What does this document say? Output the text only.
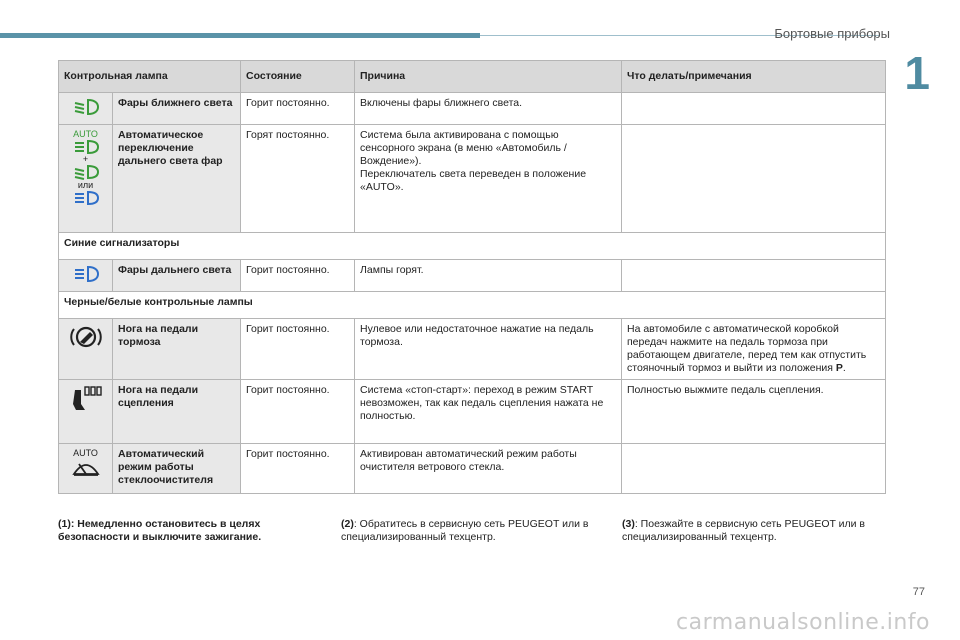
Бортовые приборы
1
Контрольная лампа		Состояние	Причина	Что делать/примечания

	Фары ближнего света	Горит постоянно.	Включены фары ближнего света.	

AUTO
+
или	Автоматическое переключение дальнего света фар	Горят постоянно.	Система была активирована с помощью сенсорного экрана (в меню «Автомобиль / Вождение»).
Переключатель света переведен в положение «AUTO».	
Синие сигнализаторы				

	Фары дальнего света	Горит постоянно.	Лампы горят.	
Черные/белые контрольные лампы				

	Нога на педали тормоза	Горит постоянно.	Нулевое или недостаточное нажатие на педаль тормоза.	На автомобиле с автоматической коробкой передач нажмите на педаль тормоза при работающем двигателе, перед тем как отпустить стояночный тормоз и выйти из положения P.

	Нога на педали сцепления	Горит постоянно.	Система «стоп-старт»: переход в режим START невозможен, так как педаль сцепления нажата не полностью.	Полностью выжмите педаль сцепления.

AUTO	Автоматический режим работы стеклоочистителя	Горит постоянно.	Активирован автоматический режим работы очистителя ветрового стекла.	
(1): Немедленно остановитесь в целях безопасности и выключите зажигание.
(2): Обратитесь в сервисную сеть PEUGEOT или в специализированный техцентр.
(3): Поезжайте в сервисную сеть PEUGEOT или в специализированный техцентр.
carmanualsonline.info
77
